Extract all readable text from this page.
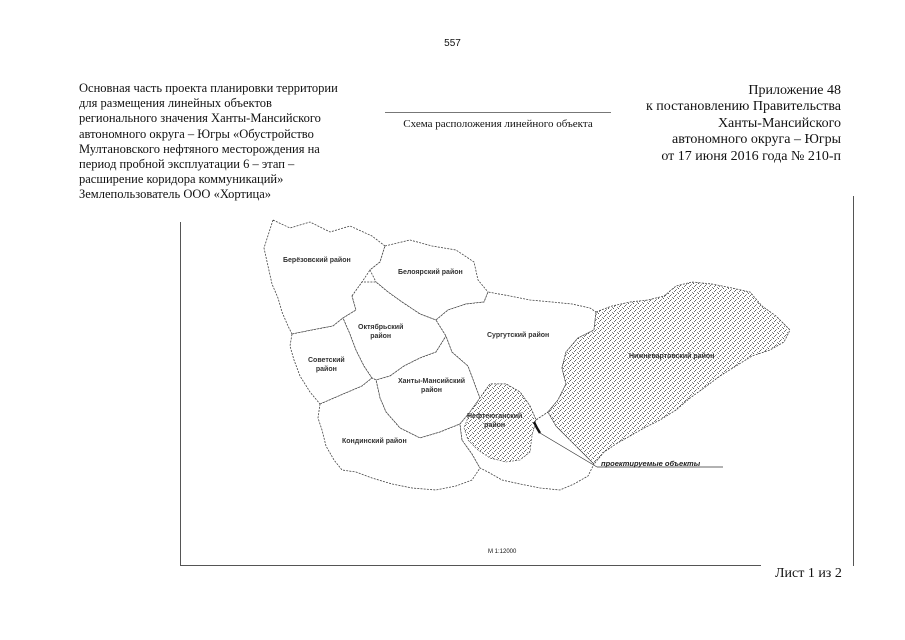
557
Основная часть проекта планировки территории
для размещения линейных объектов
регионального значения Ханты-Мансийского
автономного округа – Югры «Обустройство
Мултановского нефтяного месторождения на
период пробной эксплуатации 6 – этап –
расширение коридора коммуникаций»
Землепользователь ООО «Хортица»
Схема расположения линейного объекта
Приложение 48
к постановлению Правительства
Ханты-Мансийского
автономного округа – Югры
от 17 июня 2016 года № 210-п
Берёзовский район
Белоярский район
Октябрьский
район	Сургутский район
Нижневартовский район
Советский
район
Ханты-Мансийский
район
Нефтеюганский
район
Кондинский район
проектируемые объекты
М 1:12000
Лист 1 из 2
